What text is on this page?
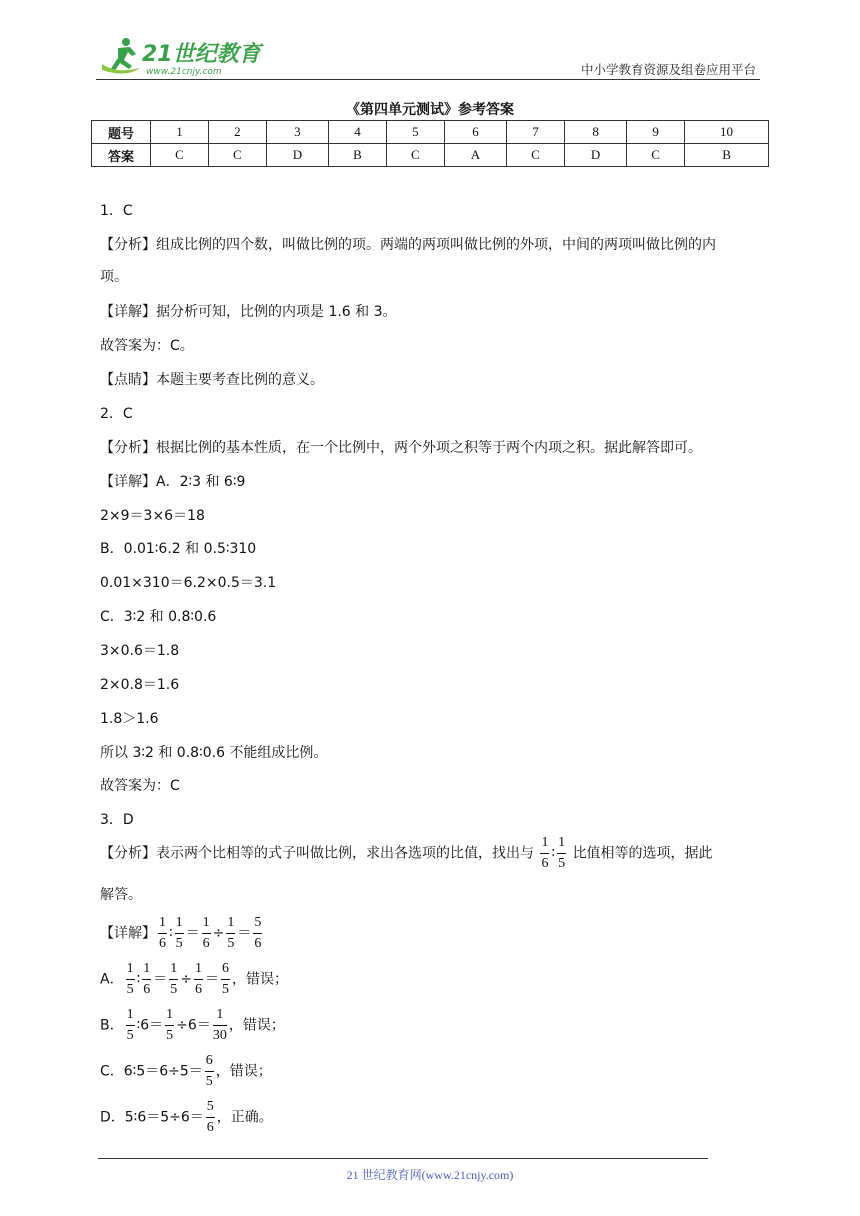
21世纪教育
www.21cnjy.com	中小学教育资源及组卷应用平台
《第四单元测试》参考答案
题号	1	2	3	4	5	6	7	8	9	10
答案	C	C	D	B	C	A	C	D	C	B
1．C
【分析】组成比例的四个数，叫做比例的项。两端的两项叫做比例的外项，中间的两项叫做比例的内
项。
【详解】据分析可知，比例的内项是 1.6 和 3。
故答案为：C。
【点睛】本题主要考查比例的意义。
2．C
【分析】根据比例的基本性质，在一个比例中，两个外项之积等于两个内项之积。据此解答即可。
【详解】A．2∶3 和 6∶9
2×9＝3×6＝18
B．0.01∶6.2 和 0.5∶310
0.01×310＝6.2×0.5＝3.1
C．3∶2 和 0.8∶0.6
3×0.6＝1.8
2×0.8＝1.6
1.8＞1.6
所以 3∶2 和 0.8∶0.6 不能组成比例。
故答案为：C
3．D
【分析】表示两个比相等的式子叫做比例，求出各选项的比值，找出与 $\frac{1}{6}$ ∶ $\frac{1}{5}$ 比值相等的选项，据此
解答。
【详解】 $\frac{1}{6}$ ∶ $\frac{1}{5} = \frac{1}{6} \div \frac{1}{5} = \frac{5}{6}$
A． $\frac{1}{5}$ ∶ $\frac{1}{6} = \frac{1}{5} \div \frac{1}{6} = \frac{6}{5}$ ，错误；
B． $\frac{1}{5}$ ∶6＝ $\frac{1}{5} \div 6= \frac{1}{30}$ ，错误；
C．6∶5＝6÷5＝ $\frac{6}{5}$ ，错误；
D．5∶6＝5÷6＝ $\frac{5}{6}$ ，正确。
21 世纪教育网(www.21cnjy.com)
